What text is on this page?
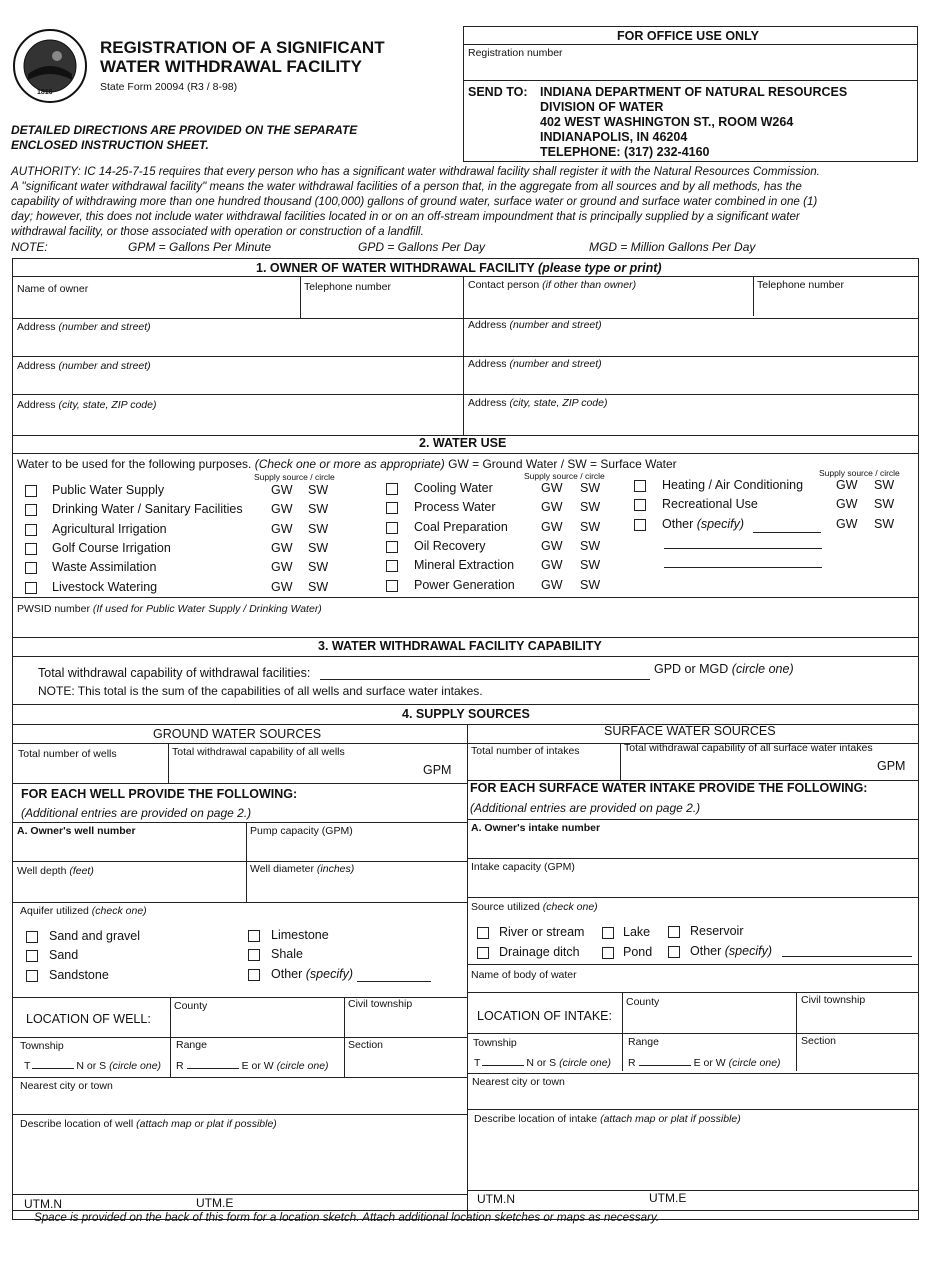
1816
REGISTRATION OF A SIGNIFICANT
WATER WITHDRAWAL FACILITY
State Form 20094 (R3 / 8-98)
DETAILED DIRECTIONS ARE PROVIDED ON THE SEPARATE
ENCLOSED INSTRUCTION SHEET.
FOR OFFICE USE ONLY
Registration number
SEND TO: INDIANA DEPARTMENT OF NATURAL RESOURCES
DIVISION OF WATER
402 WEST WASHINGTON ST., ROOM W264
INDIANAPOLIS, IN 46204
TELEPHONE: (317) 232-4160
AUTHORITY: IC 14-25-7-15 requires that every person who has a significant water withdrawal facility shall register it with the Natural Resources Commission.
A "significant water withdrawal facility" means the water withdrawal facilities of a person that, in the aggregate from all sources and by all methods, has the
capability of withdrawing more than one hundred thousand (100,000) gallons of ground water, surface water or ground and surface water combined in one (1)
day; however, this does not include water withdrawal facilities located in or on an off-stream impoundment that is principally supplied by a significant water
withdrawal facility, or those associated with operation or construction of a landfill.
NOTE:	GPM = Gallons Per Minute	GPD = Gallons Per Day	MGD = Million Gallons Per Day
1. OWNER OF WATER WITHDRAWAL FACILITY (please type or print)
Name of owner	Telephone number	Contact person (if other than owner)	Telephone number
Address (number and street)	Address (number and street)
Address (number and street)	Address (number and street)
Address (city, state, ZIP code)	Address (city, state, ZIP code)
2. WATER USE
Water to be used for the following purposes. (Check one or more as appropriate) GW = Ground Water / SW = Surface Water
Supply source / circle	Supply source / circle	Supply source / circle
PWSID number (If used for Public Water Supply / Drinking Water)
3. WATER WITHDRAWAL FACILITY CAPABILITY
Total withdrawal capability of withdrawal facilities:	GPD or MGD (circle one)
NOTE: This total is the sum of the capabilities of all wells and surface water intakes.
4. SUPPLY SOURCES
GROUND WATER SOURCES	SURFACE WATER SOURCES
Total number of wells	Total withdrawal capability of all wells
GPM
Total number of intakes	Total withdrawal capability of all surface water intakes
GPM
FOR EACH WELL PROVIDE THE FOLLOWING:
(Additional entries are provided on page 2.)
FOR EACH SURFACE WATER INTAKE PROVIDE THE FOLLOWING:
(Additional entries are provided on page 2.)
A. Owner's well number	Pump capacity (GPM)
Well depth (feet)	Well diameter (inches)
A. Owner's intake number
Intake capacity (GPM)
Aquifer utilized (check one)	Source utilized (check one)
Name of body of water
LOCATION OF WELL:
County	Civil township
Township	Range	Section
T	N or S (circle one) R	E or W (circle one)
Nearest city or town
Describe location of well (attach map or plat if possible)
UTM.N	UTM.E
LOCATION OF INTAKE:
County	Civil township
Township	Range	Section
T	N or S (circle one) R	E or W (circle one)
Nearest city or town
Describe location of intake (attach map or plat if possible)
UTM.N	UTM.E
Space is provided on the back of this form for a location sketch. Attach additional location sketches or maps as necessary.
Public Water Supply	GW SW
Drinking Water / Sanitary Facilities GW SW
Agricultural Irrigation	GW SW
Golf Course Irrigation	GW SW
Waste Assimilation	GW SW
Livestock Watering	GW SW
Cooling Water	GW SW
Process Water	GW SW
Coal Preparation	GW SW
Oil Recovery	GW SW
Mineral Extraction GW SW
Power Generation GW SW
Heating / Air Conditioning	GW SW
Recreational Use	GW SW
Other (specify)	GW SW
Sand and gravel
Sand
Sandstone
Limestone
Shale
Other (specify)
River or stream	Lake	Reservoir
Drainage ditch	Pond	Other (specify)
